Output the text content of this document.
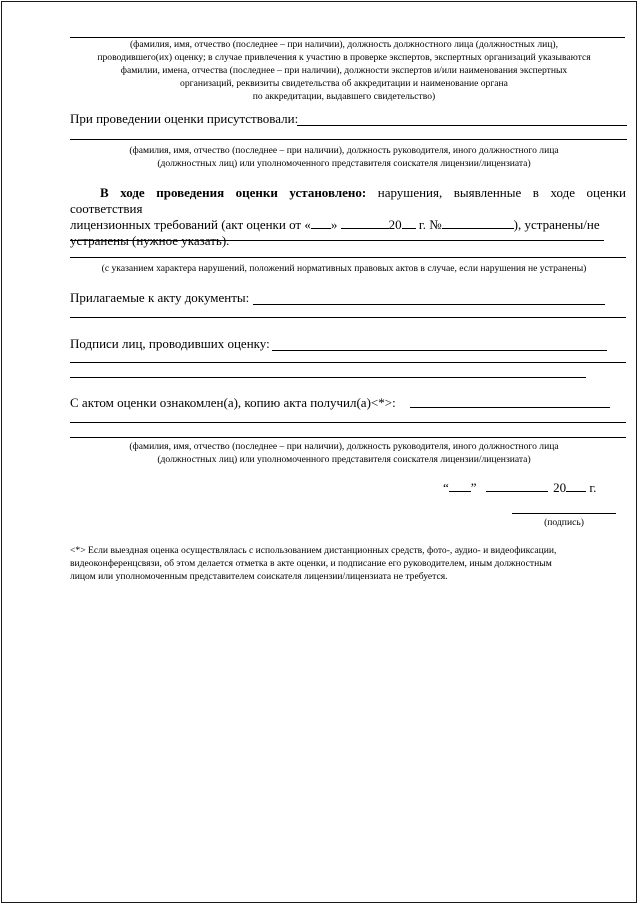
(фамилия, имя, отчество (последнее – при наличии), должность должностного лица (должностных лиц),
проводившего(их) оценку; в случае привлечения к участию в проверке экспертов, экспертных организаций указываются
фамилии, имена, отчества (последнее – при наличии), должности экспертов и/или наименования экспертных
организаций, реквизиты свидетельства об аккредитации и наименование органа
по аккредитации, выдавшего свидетельство)
При проведении оценки присутствовали:
(фамилия, имя, отчество (последнее – при наличии), должность руководителя, иного должностного лица
(должностных лиц) или уполномоченного представителя соискателя лицензии/лицензиата)
В ходе проведения оценки установлено: нарушения, выявленные в ходе оценки соответствия
лицензионных требований (акт оценки от « »	20 г. №	), устранены/не
устранены (нужное указать).
(с указанием характера нарушений, положений нормативных правовых актов в случае, если нарушения не устранены)
Прилагаемые к акту документы:
Подписи лиц, проводивших оценку:
С актом оценки ознакомлен(а), копию акта получил(а)<*>:
(фамилия, имя, отчество (последнее – при наличии), должность руководителя, иного должностного лица
(должностных лиц) или уполномоченного представителя соискателя лицензии/лицензиата)
“ ”	20 г.
(подпись)
<*> Если выездная оценка осуществлялась с использованием дистанционных средств, фото-, аудио- и видеофиксации,
видеоконференцсвязи, об этом делается отметка в акте оценки, и подписание его руководителем, иным должностным
лицом или уполномоченным представителем соискателя лицензии/лицензиата не требуется.
